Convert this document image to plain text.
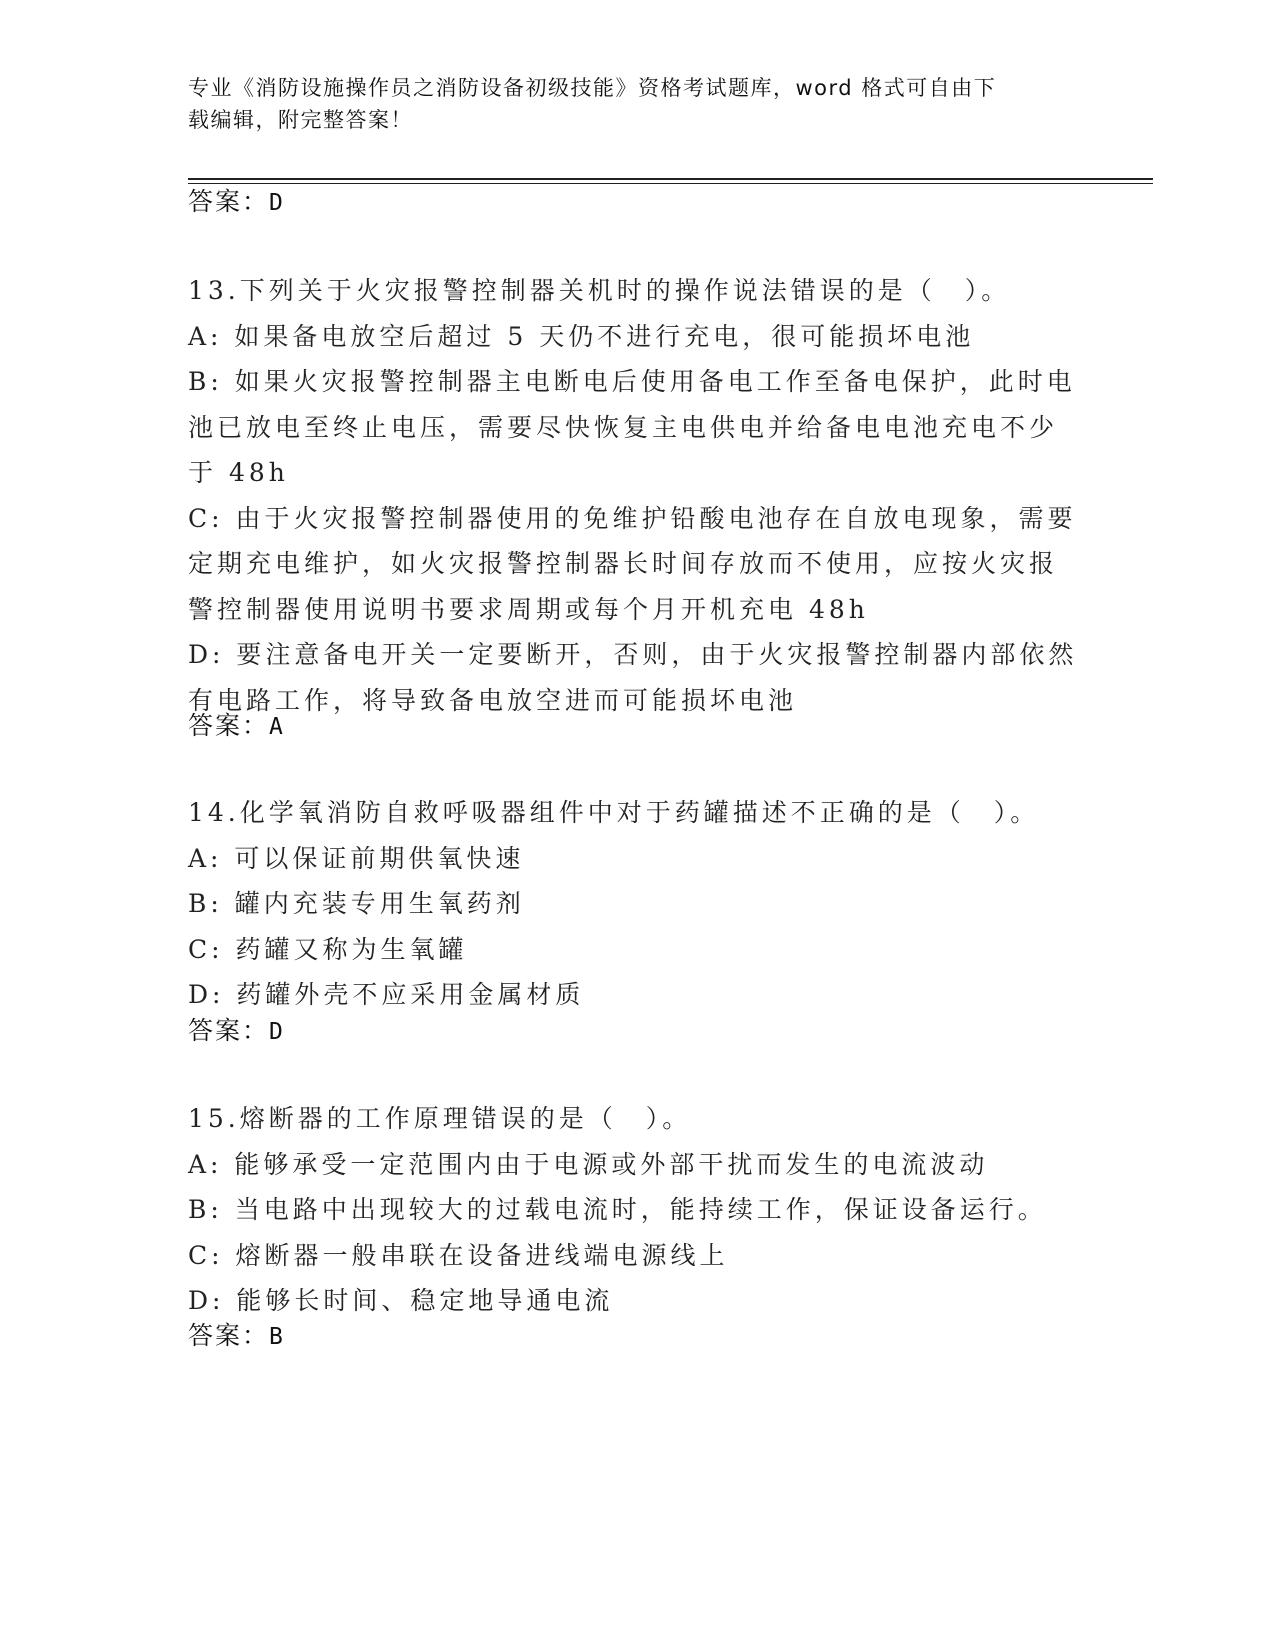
专业《消防设施操作员之消防设备初级技能》资格考试题库，word 格式可自由下
载编辑，附完整答案！
答案：D
13.下列关于火灾报警控制器关机时的操作说法错误的是（　）。
A: 如果备电放空后超过 5 天仍不进行充电，很可能损坏电池
B: 如果火灾报警控制器主电断电后使用备电工作至备电保护，此时电
池已放电至终止电压，需要尽快恢复主电供电并给备电电池充电不少
于 48h
C: 由于火灾报警控制器使用的免维护铅酸电池存在自放电现象，需要
定期充电维护，如火灾报警控制器长时间存放而不使用，应按火灾报
警控制器使用说明书要求周期或每个月开机充电 48h
D: 要注意备电开关一定要断开，否则，由于火灾报警控制器内部依然
有电路工作，将导致备电放空进而可能损坏电池
答案：A
14.化学氧消防自救呼吸器组件中对于药罐描述不正确的是（　）。
A: 可以保证前期供氧快速
B: 罐内充装专用生氧药剂
C: 药罐又称为生氧罐
D: 药罐外壳不应采用金属材质
答案：D
15.熔断器的工作原理错误的是（　）。
A: 能够承受一定范围内由于电源或外部干扰而发生的电流波动
B: 当电路中出现较大的过载电流时，能持续工作，保证设备运行。
C: 熔断器一般串联在设备进线端电源线上
D: 能够长时间、稳定地导通电流
答案：B
